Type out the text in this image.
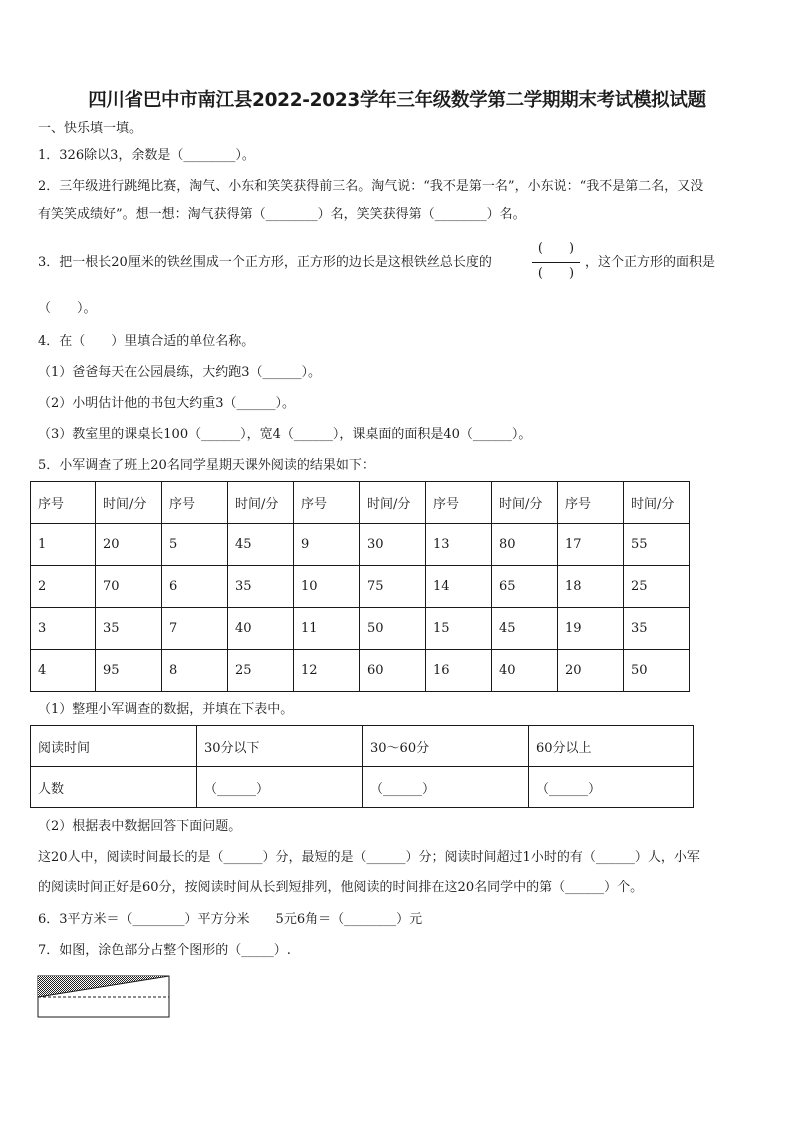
四川省巴中市南江县2022-2023学年三年级数学第二学期期末考试模拟试题
一、快乐填一填。
1．326除以3，余数是（________）。
2．三年级进行跳绳比赛，淘气、小东和笑笑获得前三名。淘气说：“我不是第一名”，小东说：“我不是第二名，又没
有笑笑成绩好”。想一想：淘气获得第（________）名，笑笑获得第（________）名。
3．把一根长20厘米的铁丝围成一个正方形，正方形的边长是这根铁丝总长度的
(　　)
(　　)
，这个正方形的面积是
（　　）。
4．在（　　）里填合适的单位名称。
（1）爸爸每天在公园晨练，大约跑3（______）。
（2）小明估计他的书包大约重3（______）。
（3）教室里的课桌长100（______），宽4（______），课桌面的面积是40（______）。
5．小军调查了班上20名同学星期天课外阅读的结果如下：
序号	时间/分	序号	时间/分	序号	时间/分	序号	时间/分	序号	时间/分
1	20	5	45	9	30	13	80	17	55
2	70	6	35	10	75	14	65	18	25
3	35	7	40	11	50	15	45	19	35
4	95	8	25	12	60	16	40	20	50
（1）整理小军调查的数据，并填在下表中。
阅读时间	30分以下	30～60分	60分以上
人数	（______）	（______）	（______）
（2）根据表中数据回答下面问题。
这20人中，阅读时间最长的是（______）分，最短的是（______）分；阅读时间超过1小时的有（______）人，小军
的阅读时间正好是60分，按阅读时间从长到短排列，他阅读的时间排在这20名同学中的第（______）个。
6．3平方米＝（________）平方分米　　5元6角＝（________）元
7．如图，涂色部分占整个图形的（_____）.
